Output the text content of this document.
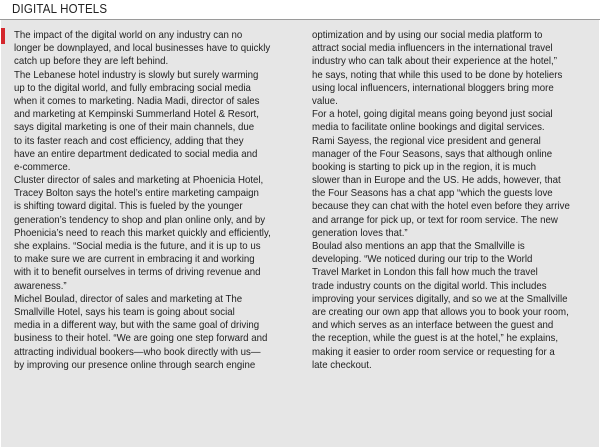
DIGITAL HOTELS
The impact of the digital world on any industry can no
longer be downplayed, and local businesses have to quickly
catch up before they are left behind.
The Lebanese hotel industry is slowly but surely warming
up to the digital world, and fully embracing social media
when it comes to marketing. Nadia Madi, director of sales
and marketing at Kempinski Summerland Hotel & Resort,
says digital marketing is one of their main channels, due
to its faster reach and cost efficiency, adding that they
have an entire department dedicated to social media and
e-commerce.
Cluster director of sales and marketing at Phoenicia Hotel,
Tracey Bolton says the hotel’s entire marketing campaign
is shifting toward digital. This is fueled by the younger
generation’s tendency to shop and plan online only, and by
Phoenicia’s need to reach this market quickly and efficiently,
she explains. “Social media is the future, and it is up to us
to make sure we are current in embracing it and working
with it to benefit ourselves in terms of driving revenue and
awareness.”
Michel Boulad, director of sales and marketing at The
Smallville Hotel, says his team is going about social
media in a different way, but with the same goal of driving
business to their hotel. “We are going one step forward and
attracting individual bookers—who book directly with us—
by improving our presence online through search engine
optimization and by using our social media platform to
attract social media influencers in the international travel
industry who can talk about their experience at the hotel,”
he says, noting that while this used to be done by hoteliers
using local influencers, international bloggers bring more
value.
For a hotel, going digital means going beyond just social
media to facilitate online bookings and digital services.
Rami Sayess, the regional vice president and general
manager of the Four Seasons, says that although online
booking is starting to pick up in the region, it is much
slower than in Europe and the US. He adds, however, that
the Four Seasons has a chat app “which the guests love
because they can chat with the hotel even before they arrive
and arrange for pick up, or text for room service. The new
generation loves that.”
Boulad also mentions an app that the Smallville is
developing. “We noticed during our trip to the World
Travel Market in London this fall how much the travel
trade industry counts on the digital world. This includes
improving your services digitally, and so we at the Smallville
are creating our own app that allows you to book your room,
and which serves as an interface between the guest and
the reception, while the guest is at the hotel,” he explains,
making it easier to order room service or requesting for a
late checkout.
